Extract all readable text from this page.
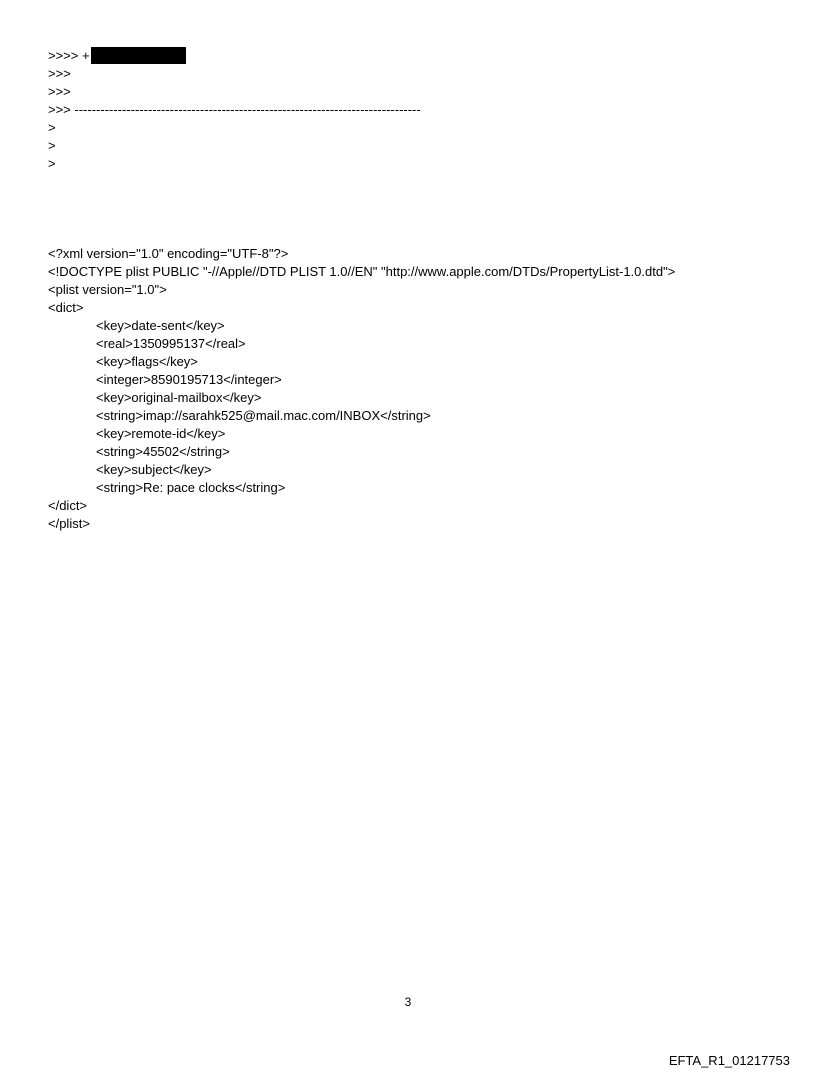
>>>> +
>>>
>>>
>>> --------------------------------------------------------------------------------
>
>
>
<?xml version="1.0" encoding="UTF-8"?>
<!DOCTYPE plist PUBLIC "-//Apple//DTD PLIST 1.0//EN" "http://www.apple.com/DTDs/PropertyList-1.0.dtd">
<plist version="1.0">
<dict>
<key>date-sent</key>
<real>1350995137</real>
<key>flags</key>
<integer>8590195713</integer>
<key>original-mailbox</key>
<string>imap://sarahk525@mail.mac.com/INBOX</string>
<key>remote-id</key>
<string>45502</string>
<key>subject</key>
<string>Re: pace clocks</string>
</dict>
</plist>
3
EFTA_R1_01217753
